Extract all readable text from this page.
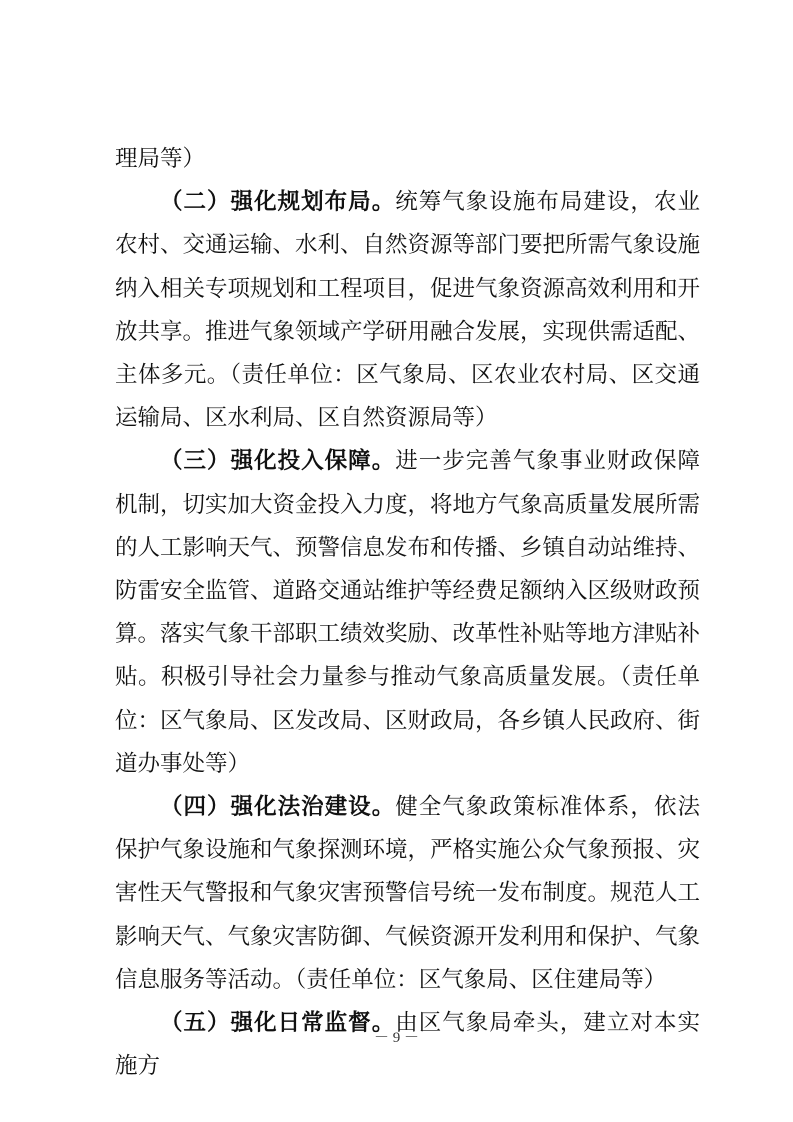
理局等）

（二）强化规划布局。统筹气象设施布局建设，农业农村、交通运输、水利、自然资源等部门要把所需气象设施纳入相关专项规划和工程项目，促进气象资源高效利用和开放共享。推进气象领域产学研用融合发展，实现供需适配、主体多元。（责任单位：区气象局、区农业农村局、区交通运输局、区水利局、区自然资源局等）

（三）强化投入保障。进一步完善气象事业财政保障机制，切实加大资金投入力度，将地方气象高质量发展所需的人工影响天气、预警信息发布和传播、乡镇自动站维持、防雷安全监管、道路交通站维护等经费足额纳入区级财政预算。落实气象干部职工绩效奖励、改革性补贴等地方津贴补贴。积极引导社会力量参与推动气象高质量发展。（责任单位：区气象局、区发改局、区财政局，各乡镇人民政府、街道办事处等）

（四）强化法治建设。健全气象政策标准体系，依法保护气象设施和气象探测环境，严格实施公众气象预报、灾害性天气警报和气象灾害预警信号统一发布制度。规范人工影响天气、气象灾害防御、气候资源开发利用和保护、气象信息服务等活动。（责任单位：区气象局、区住建局等）

（五）强化日常监督。由区气象局牵头，建立对本实施方

－ 9 －
